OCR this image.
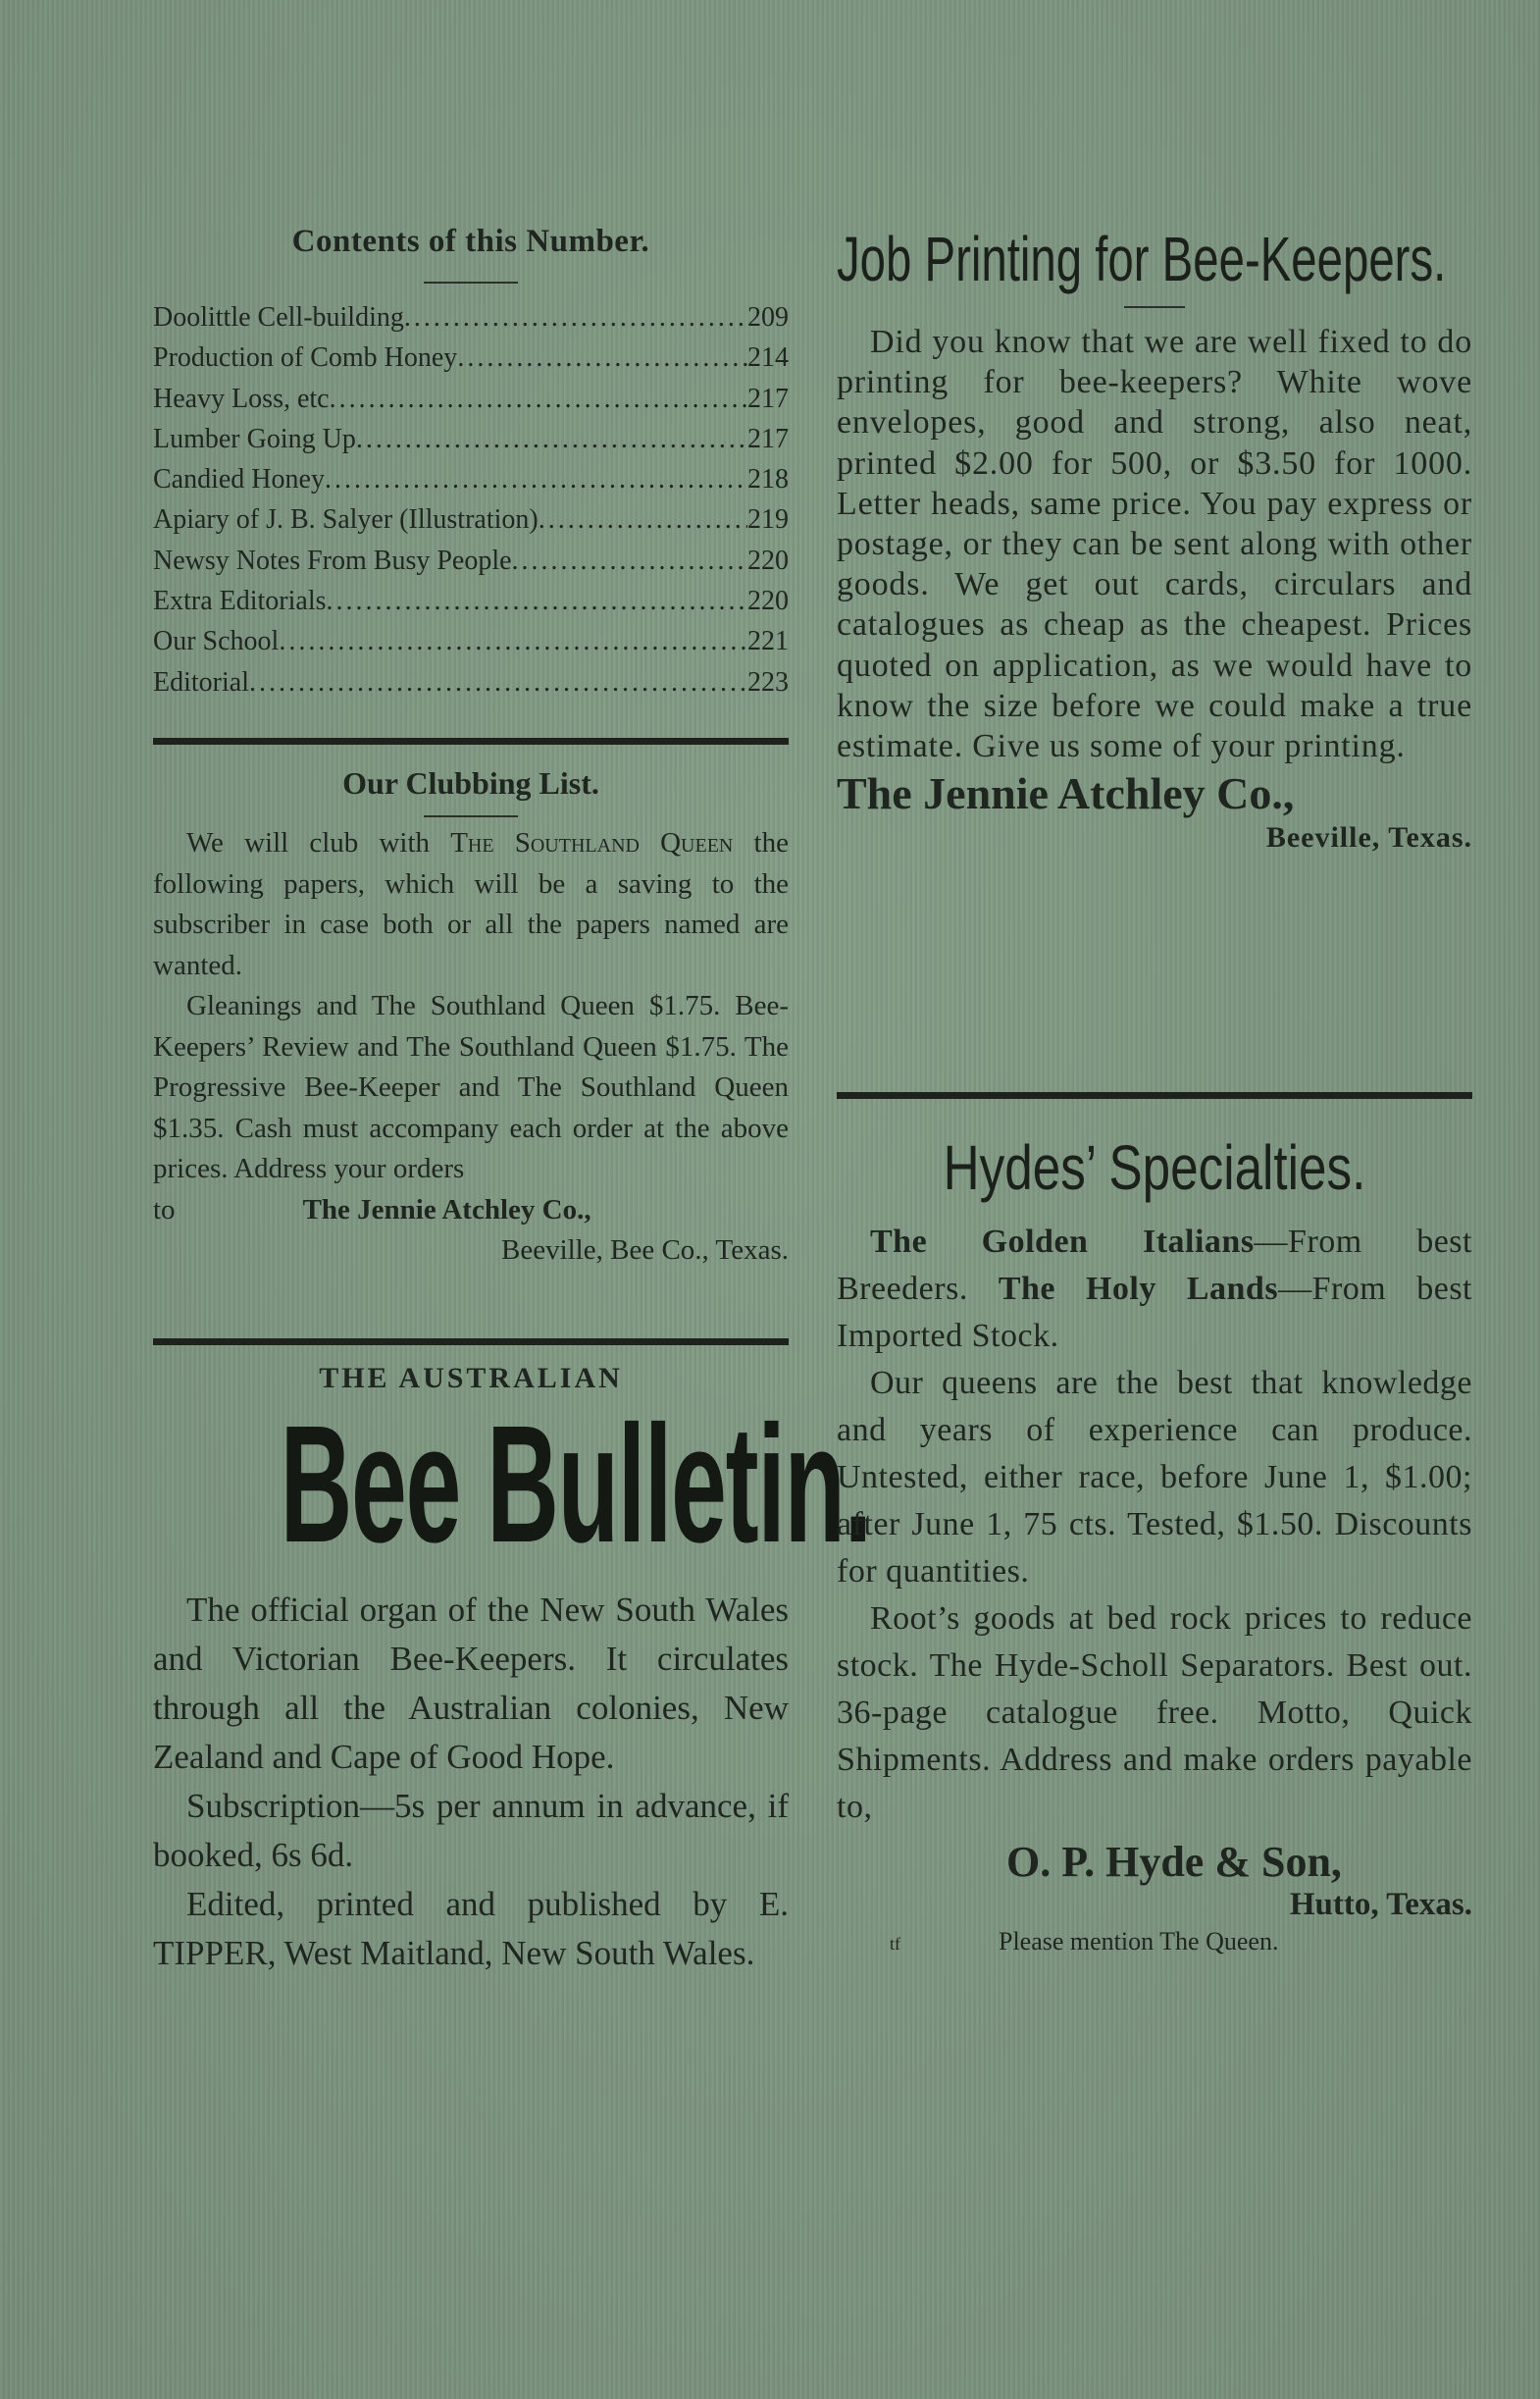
Contents of this Number.
Doolittle Cell-building .....	209
Production of Comb Honey .....	214
Heavy Loss, etc .....	217
Lumber Going Up .....	217
Candied Honey .....	218
Apiary of J. B. Salyer (Illustration) .....	219
Newsy Notes From Busy People .....	220
Extra Editorials .....	220
Our School .....	221
Editorial .....	223
Our Clubbing List.
We will club with The Southland Queen the following papers, which will be a saving to the subscriber in case both or all the papers named are wanted.
Gleanings and The Southland Queen $1.75. Bee-Keepers’ Review and The Southland Queen $1.75. The Progressive Bee-Keeper and The Southland Queen $1.35. Cash must accompany each order at the above prices. Address your orders
to	The Jennie Atchley Co.,
Beeville, Bee Co., Texas.
THE AUSTRALIAN
Bee Bulletin.
The official organ of the New South Wales and Victorian Bee-Keepers. It circulates through all the Australian colonies, New Zealand and Cape of Good Hope.
Subscription—5s per annum in advance, if booked, 6s 6d.
Edited, printed and published by E. TIPPER, West Maitland, New South Wales.
Job Printing for Bee-Keepers.
Did you know that we are well fixed to do printing for bee-keepers? White wove envelopes, good and strong, also neat, printed $2.00 for 500, or $3.50 for 1000. Letter heads, same price. You pay express or postage, or they can be sent along with other goods. We get out cards, circulars and catalogues as cheap as the cheapest. Prices quoted on application, as we would have to know the size before we could make a true estimate. Give us some of your printing.
The Jennie Atchley Co.,
Beeville, Texas.
Hydes’ Specialties.
The Golden Italians—From best Breeders. The Holy Lands—From best Imported Stock.
Our queens are the best that knowledge and years of experience can produce. Untested, either race, before June 1, $1.00; after June 1, 75 cts. Tested, $1.50. Discounts for quantities.
Root’s goods at bed rock prices to reduce stock. The Hyde-Scholl Separators. Best out. 36-page catalogue free. Motto, Quick Shipments. Address and make orders payable to,
O. P. Hyde & Son,
Hutto, Texas.
tf	Please mention The Queen.
